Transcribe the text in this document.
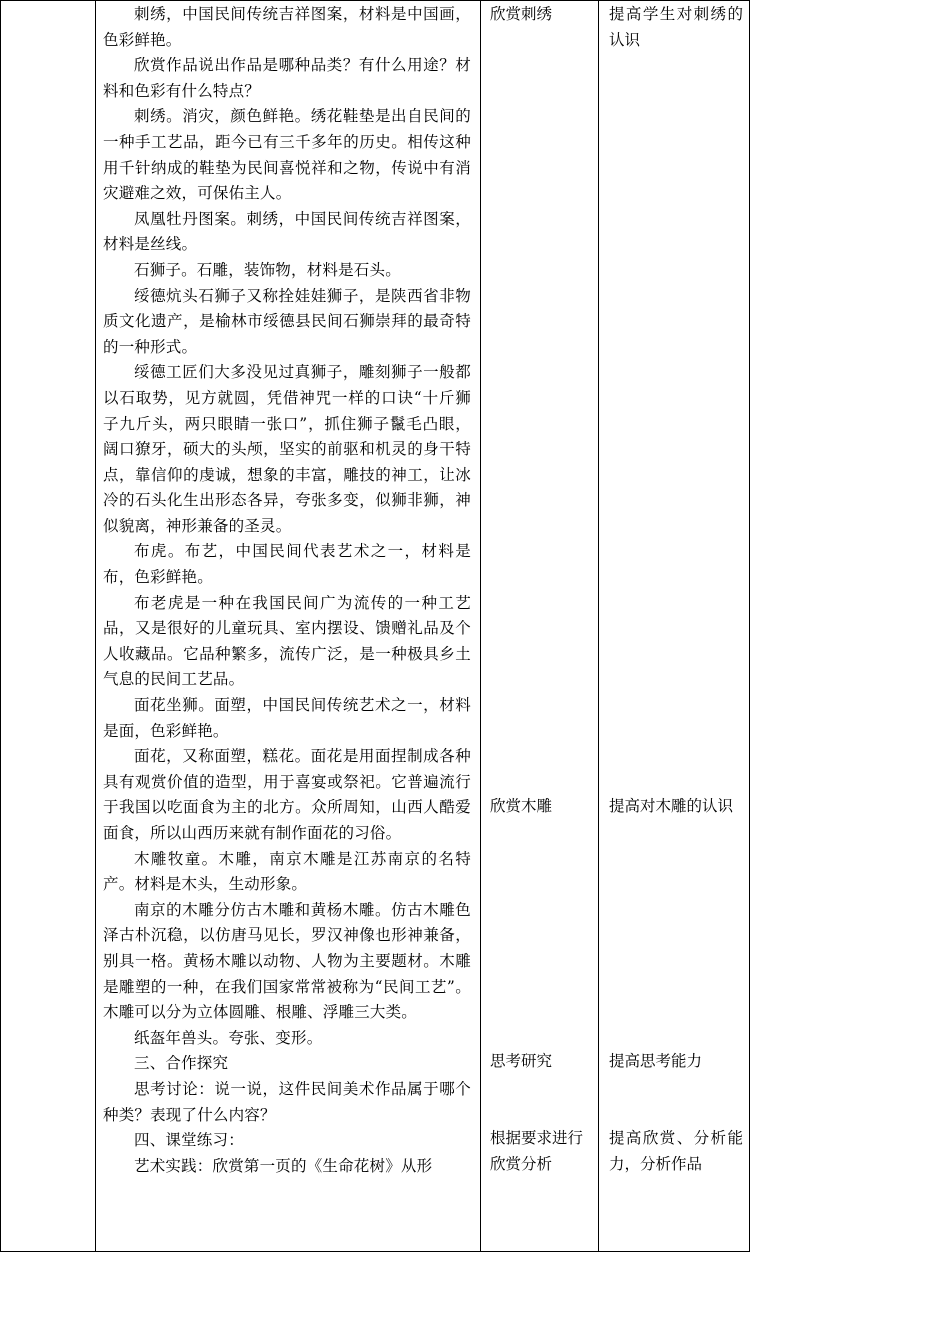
刺绣，中国民间传统吉祥图案，材料是中国画，色彩鲜艳。

欣赏作品说出作品是哪种品类？有什么用途？材料和色彩有什么特点？

刺绣。消灾，颜色鲜艳。绣花鞋垫是出自民间的一种手工艺品，距今已有三千多年的历史。相传这种用千针纳成的鞋垫为民间喜悦祥和之物，传说中有消灾避难之效，可保佑主人。

凤凰牡丹图案。刺绣，中国民间传统吉祥图案，材料是丝线。

石狮子。石雕，装饰物，材料是石头。

绥德炕头石狮子又称拴娃娃狮子，是陕西省非物质文化遗产，是榆林市绥德县民间石狮崇拜的最奇特的一种形式。

绥德工匠们大多没见过真狮子，雕刻狮子一般都以石取势，见方就圆，凭借神咒一样的口诀“十斤狮子九斤头，两只眼睛一张口”，抓住狮子鬣毛凸眼，阔口獠牙，硕大的头颅，坚实的前驱和机灵的身干特点，靠信仰的虔诚，想象的丰富，雕技的神工，让冰冷的石头化生出形态各异，夸张多变，似狮非狮，神似貌离，神形兼备的圣灵。

布虎。布艺，中国民间代表艺术之一，材料是布，色彩鲜艳。

布老虎是一种在我国民间广为流传的一种工艺品，又是很好的儿童玩具、室内摆设、馈赠礼品及个人收藏品。它品种繁多，流传广泛，是一种极具乡土气息的民间工艺品。

面花坐狮。面塑，中国民间传统艺术之一，材料是面，色彩鲜艳。

面花，又称面塑，糕花。面花是用面捏制成各种具有观赏价值的造型，用于喜宴或祭祀。它普遍流行于我国以吃面食为主的北方。众所周知，山西人酷爱面食，所以山西历来就有制作面花的习俗。

木雕牧童。木雕，南京木雕是江苏南京的名特产。材料是木头，生动形象。

南京的木雕分仿古木雕和黄杨木雕。仿古木雕色泽古朴沉稳，以仿唐马见长，罗汉神像也形神兼备，别具一格。黄杨木雕以动物、人物为主要题材。木雕是雕塑的一种，在我们国家常常被称为“民间工艺”。木雕可以分为立体圆雕、根雕、浮雕三大类。

纸盔年兽头。夸张、变形。

三、合作探究

思考讨论：说一说，这件民间美术作品属于哪个种类？表现了什么内容？

四、课堂练习：

艺术实践：欣赏第一页的《生命花树》从形

欣赏刺绣

欣赏木雕

思考研究

根据要求进行欣赏分析

提高学生对刺绣的认识

提高对木雕的认识

提高思考能力

提高欣赏、分析能力，分析作品
